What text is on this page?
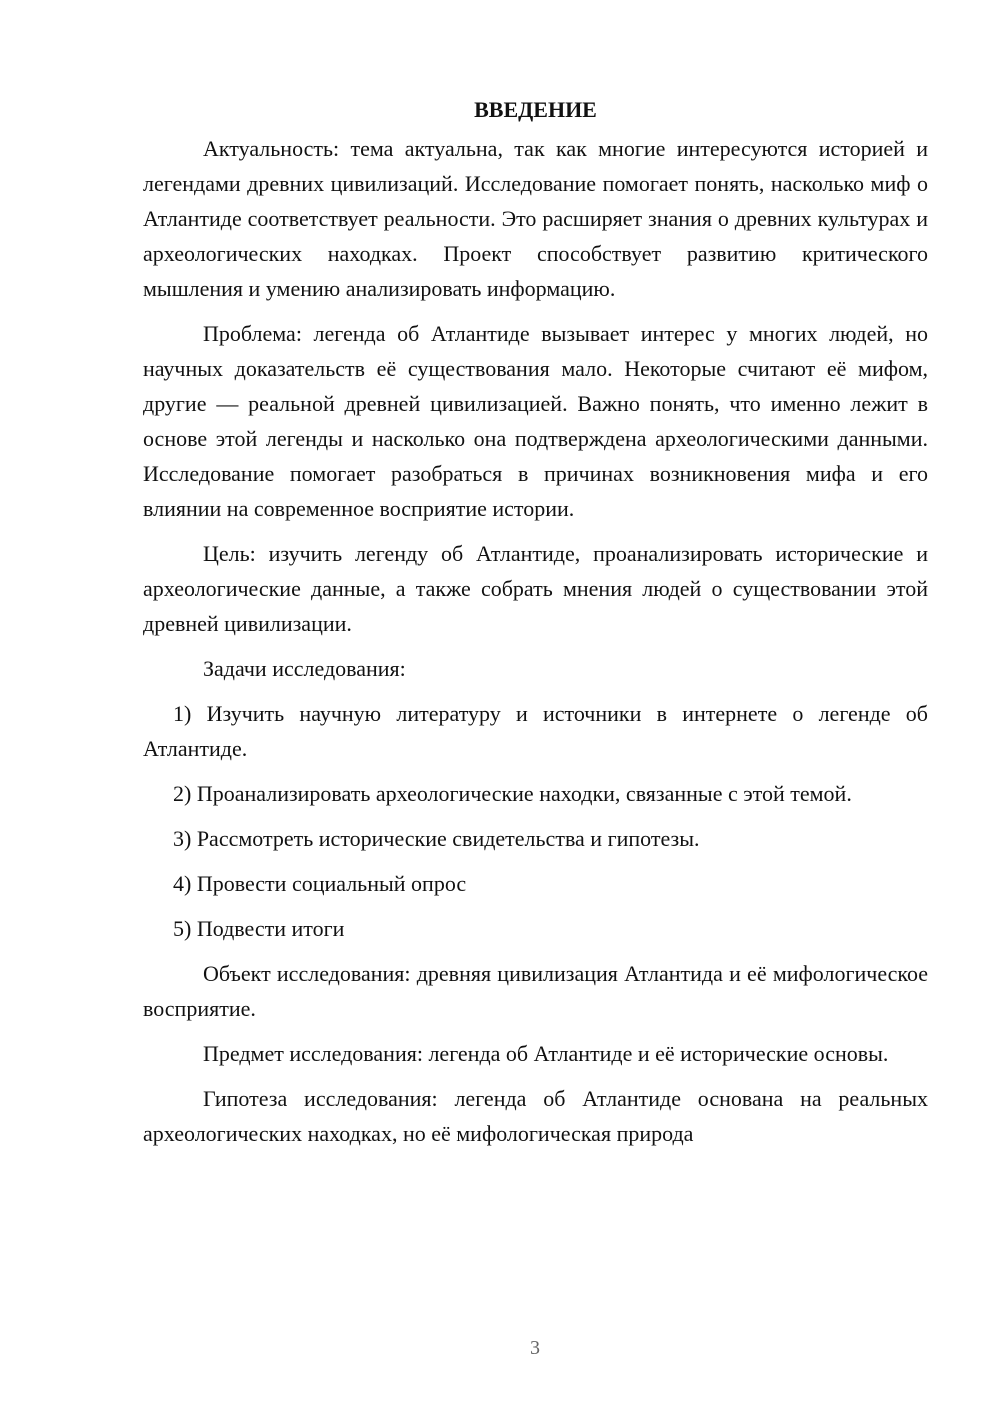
ВВЕДЕНИЕ

Актуальность: тема актуальна, так как многие интересуются историей и легендами древних цивилизаций. Исследование помогает понять, насколько миф о Атлантиде соответствует реальности. Это расширяет знания о древних культурах и археологических находках. Проект способствует развитию критического мышления и умению анализировать информацию.

Проблема: легенда об Атлантиде вызывает интерес у многих людей, но научных доказательств её существования мало. Некоторые считают её мифом, другие — реальной древней цивилизацией. Важно понять, что именно лежит в основе этой легенды и насколько она подтверждена археологическими данными. Исследование помогает разобраться в причинах возникновения мифа и его влиянии на современное восприятие истории.

Цель: изучить легенду об Атлантиде, проанализировать исторические и археологические данные, а также собрать мнения людей о существовании этой древней цивилизации.

Задачи исследования:

1) Изучить научную литературу и источники в интернете о легенде об Атлантиде.

2) Проанализировать археологические находки, связанные с этой темой.

3) Рассмотреть исторические свидетельства и гипотезы.

4) Провести социальный опрос

5) Подвести итоги

Объект исследования: древняя цивилизация Атлантида и её мифологическое восприятие.

Предмет исследования: легенда об Атлантиде и её исторические основы.

Гипотеза исследования: легенда об Атлантиде основана на реальных археологических находках, но её мифологическая природа

3
